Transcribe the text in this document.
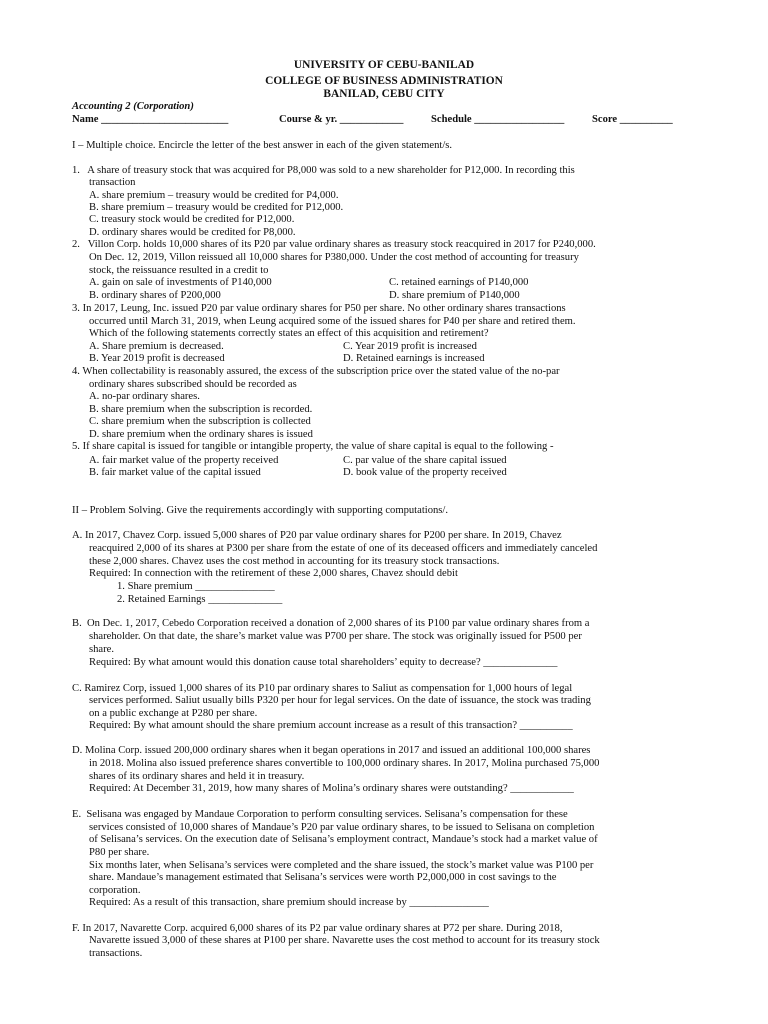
UNIVERSITY OF CEBU-BANILAD
COLLEGE OF BUSINESS ADMINISTRATION
BANILAD, CEBU CITY
Accounting 2 (Corporation)
Name ________________________	Course & yr. ____________	Schedule _________________	Score __________
I – Multiple choice. Encircle the letter of the best answer in each of the given statement/s.
1.   A share of treasury stock that was acquired for P8,000 was sold to a new shareholder for P12,000. In recording this
transaction
A. share premium – treasury would be credited for P4,000.
B. share premium – treasury would be credited for P12,000.
C. treasury stock would be credited for P12,000.
D. ordinary shares would be credited for P8,000.
2.   Villon Corp. holds 10,000 shares of its P20 par value ordinary shares as treasury stock reacquired in 2017 for P240,000.
On Dec. 12, 2019, Villon reissued all 10,000 shares for P380,000. Under the cost method of accounting for treasury
stock, the reissuance resulted in a credit to
A. gain on sale of investments of P140,000	C. retained earnings of P140,000
B. ordinary shares of P200,000	D. share premium of P140,000
3. In 2017, Leung, Inc. issued P20 par value ordinary shares for P50 per share. No other ordinary shares transactions
occurred until March 31, 2019, when Leung acquired some of the issued shares for P40 per share and retired them.
Which of the following statements correctly states an effect of this acquisition and retirement?
A. Share premium is decreased.	C. Year 2019 profit is increased
B. Year 2019 profit is decreased	D. Retained earnings is increased
4. When collectability is reasonably assured, the excess of the subscription price over the stated value of the no-par
ordinary shares subscribed should be recorded as
A. no-par ordinary shares.
B. share premium when the subscription is recorded.
C. share premium when the subscription is collected
D. share premium when the ordinary shares is issued
5. If share capital is issued for tangible or intangible property, the value of share capital is equal to the following -
A. fair market value of the property received	C. par value of the share capital issued
B. fair market value of the capital issued	D. book value of the property received
II – Problem Solving. Give the requirements accordingly with supporting computations/.
A. In 2017, Chavez Corp. issued 5,000 shares of P20 par value ordinary shares for P200 per share. In 2019, Chavez
reacquired 2,000 of its shares at P300 per share from the estate of one of its deceased officers and immediately canceled
these 2,000 shares. Chavez uses the cost method in accounting for its treasury stock transactions.
Required: In connection with the retirement of these 2,000 shares, Chavez should debit
1. Share premium _______________
2. Retained Earnings ______________
B.  On Dec. 1, 2017, Cebedo Corporation received a donation of 2,000 shares of its P100 par value ordinary shares from a
shareholder. On that date, the share’s market value was P700 per share. The stock was originally issued for P500 per
share.
Required: By what amount would this donation cause total shareholders’ equity to decrease? ______________
C. Ramirez Corp, issued 1,000 shares of its P10 par ordinary shares to Saliut as compensation for 1,000 hours of legal
services performed. Saliut usually bills P320 per hour for legal services. On the date of issuance, the stock was trading
on a public exchange at P280 per share.
Required: By what amount should the share premium account increase as a result of this transaction? __________
D. Molina Corp. issued 200,000 ordinary shares when it began operations in 2017 and issued an additional 100,000 shares
in 2018. Molina also issued preference shares convertible to 100,000 ordinary shares. In 2017, Molina purchased 75,000
shares of its ordinary shares and held it in treasury.
Required: At December 31, 2019, how many shares of Molina’s ordinary shares were outstanding? ____________
E.  Selisana was engaged by Mandaue Corporation to perform consulting services. Selisana’s compensation for these
services consisted of 10,000 shares of Mandaue’s P20 par value ordinary shares, to be issued to Selisana on completion
of Selisana’s services. On the execution date of Selisana’s employment contract, Mandaue’s stock had a market value of
P80 per share.
Six months later, when Selisana’s services were completed and the share issued, the stock’s market value was P100 per
share. Mandaue’s management estimated that Selisana’s services were worth P2,000,000 in cost savings to the
corporation.
Required: As a result of this transaction, share premium should increase by _______________
F. In 2017, Navarette Corp. acquired 6,000 shares of its P2 par value ordinary shares at P72 per share. During 2018,
Navarette issued 3,000 of these shares at P100 per share. Navarette uses the cost method to account for its treasury stock
transactions.
